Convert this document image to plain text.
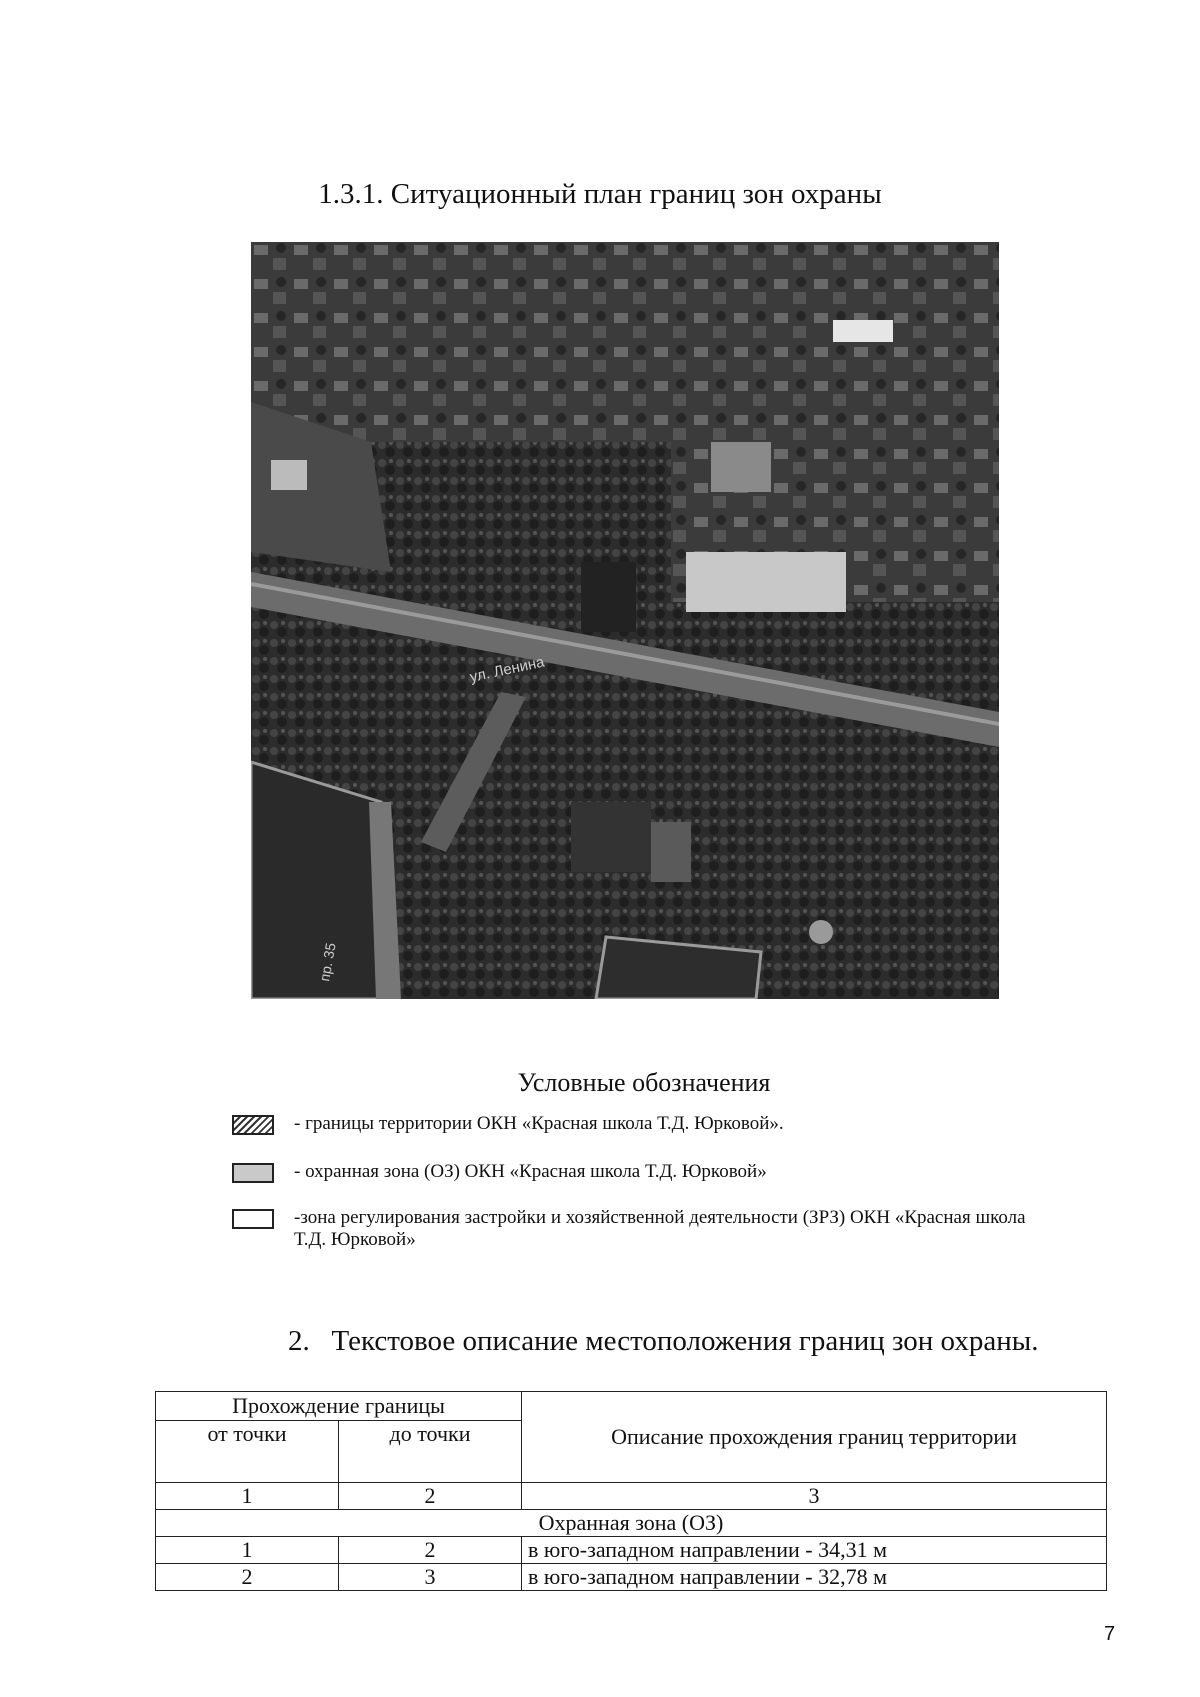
1.3.1. Ситуационный план границ зон охраны
ул. Ленина
пр. 35
Условные обозначения
- границы территории ОКН «Красная школа Т.Д. Юрковой».
- охранная зона (ОЗ) ОКН «Красная школа Т.Д. Юрковой»
-зона регулирования застройки и хозяйственной деятельности (ЗРЗ) ОКН «Красная школа Т.Д. Юрковой»
2. Текстовое описание местоположения границ зон охраны.
Прохождение границы		Описание прохождения границ территории
от точки	до точки	
1	2	3
Охранная зона (ОЗ)		
1	2	в юго-западном направлении - 34,31 м
2	3	в юго-западном направлении - 32,78 м
7
